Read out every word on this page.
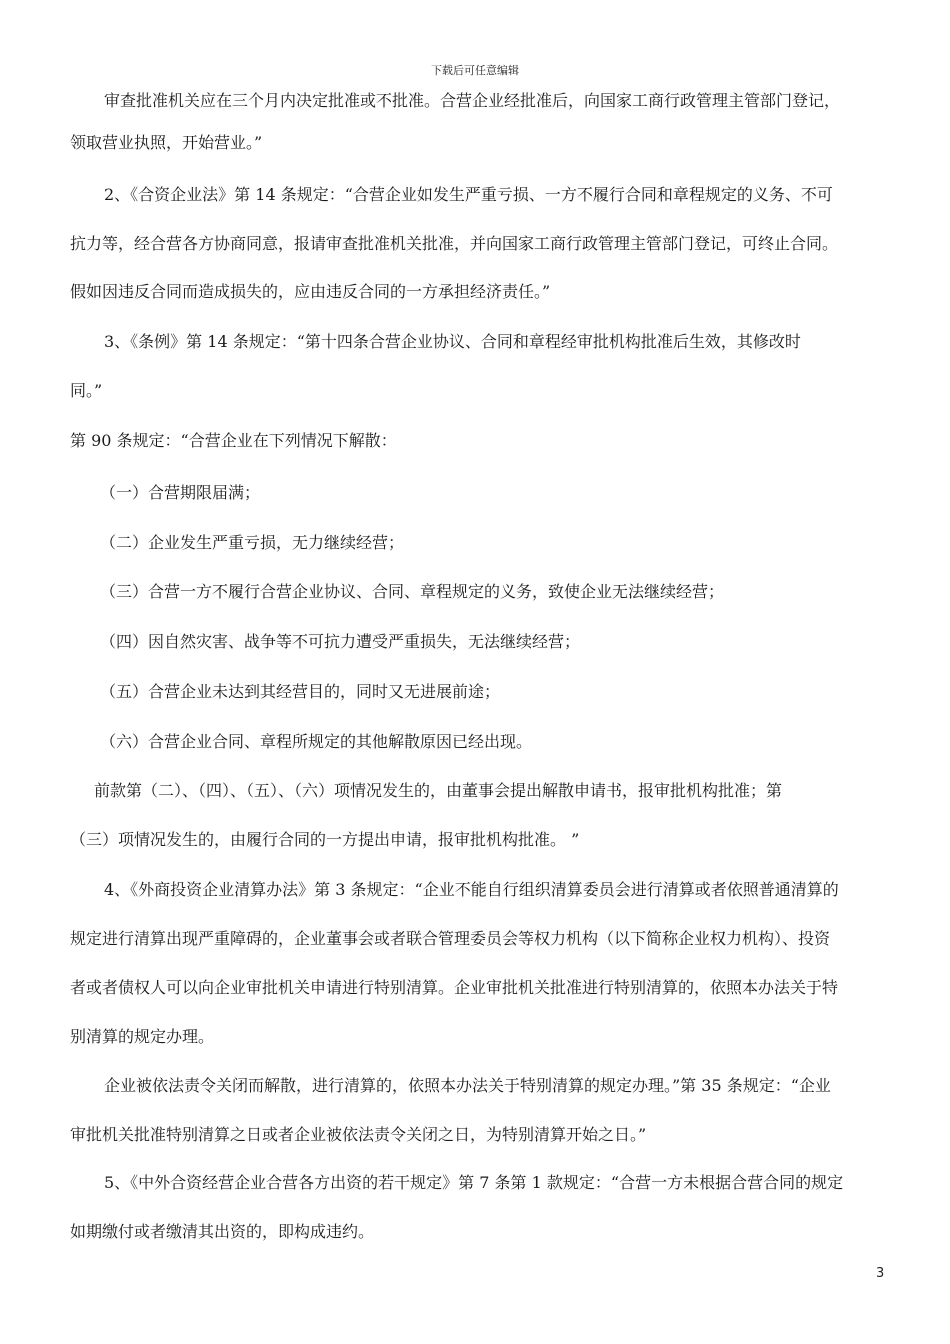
下载后可任意编辑

审查批准机关应在三个月内决定批准或不批准。合营企业经批准后，向国家工商行政管理主管部门登记，
领取营业执照，开始营业。”

2、《合资企业法》第 14 条规定：“合营企业如发生严重亏损、一方不履行合同和章程规定的义务、不可
抗力等，经合营各方协商同意，报请审查批准机关批准，并向国家工商行政管理主管部门登记，可终止合同。
假如因违反合同而造成损失的，应由违反合同的一方承担经济责任。”

3、《条例》第 14 条规定：“第十四条合营企业协议、合同和章程经审批机构批准后生效，其修改时
同。”

第 90 条规定：“合营企业在下列情况下解散：

（一）合营期限届满；

（二）企业发生严重亏损，无力继续经营；

（三）合营一方不履行合营企业协议、合同、章程规定的义务，致使企业无法继续经营；

（四）因自然灾害、战争等不可抗力遭受严重损失，无法继续经营；

（五）合营企业未达到其经营目的，同时又无进展前途；

（六）合营企业合同、章程所规定的其他解散原因已经出现。

前款第（二）、（四）、（五）、（六）项情况发生的，由董事会提出解散申请书，报审批机构批准；第
（三）项情况发生的，由履行合同的一方提出申请，报审批机构批准。 ”

4、《外商投资企业清算办法》第 3 条规定：“企业不能自行组织清算委员会进行清算或者依照普通清算的
规定进行清算出现严重障碍的，企业董事会或者联合管理委员会等权力机构（以下简称企业权力机构）、投资
者或者债权人可以向企业审批机关申请进行特别清算。企业审批机关批准进行特别清算的，依照本办法关于特
别清算的规定办理。

企业被依法责令关闭而解散，进行清算的，依照本办法关于特别清算的规定办理。”第 35 条规定：“企业
审批机关批准特别清算之日或者企业被依法责令关闭之日，为特别清算开始之日。”

5、《中外合资经营企业合营各方出资的若干规定》第 7 条第 1 款规定：“合营一方未根据合营合同的规定
如期缴付或者缴清其出资的，即构成违约。

3
